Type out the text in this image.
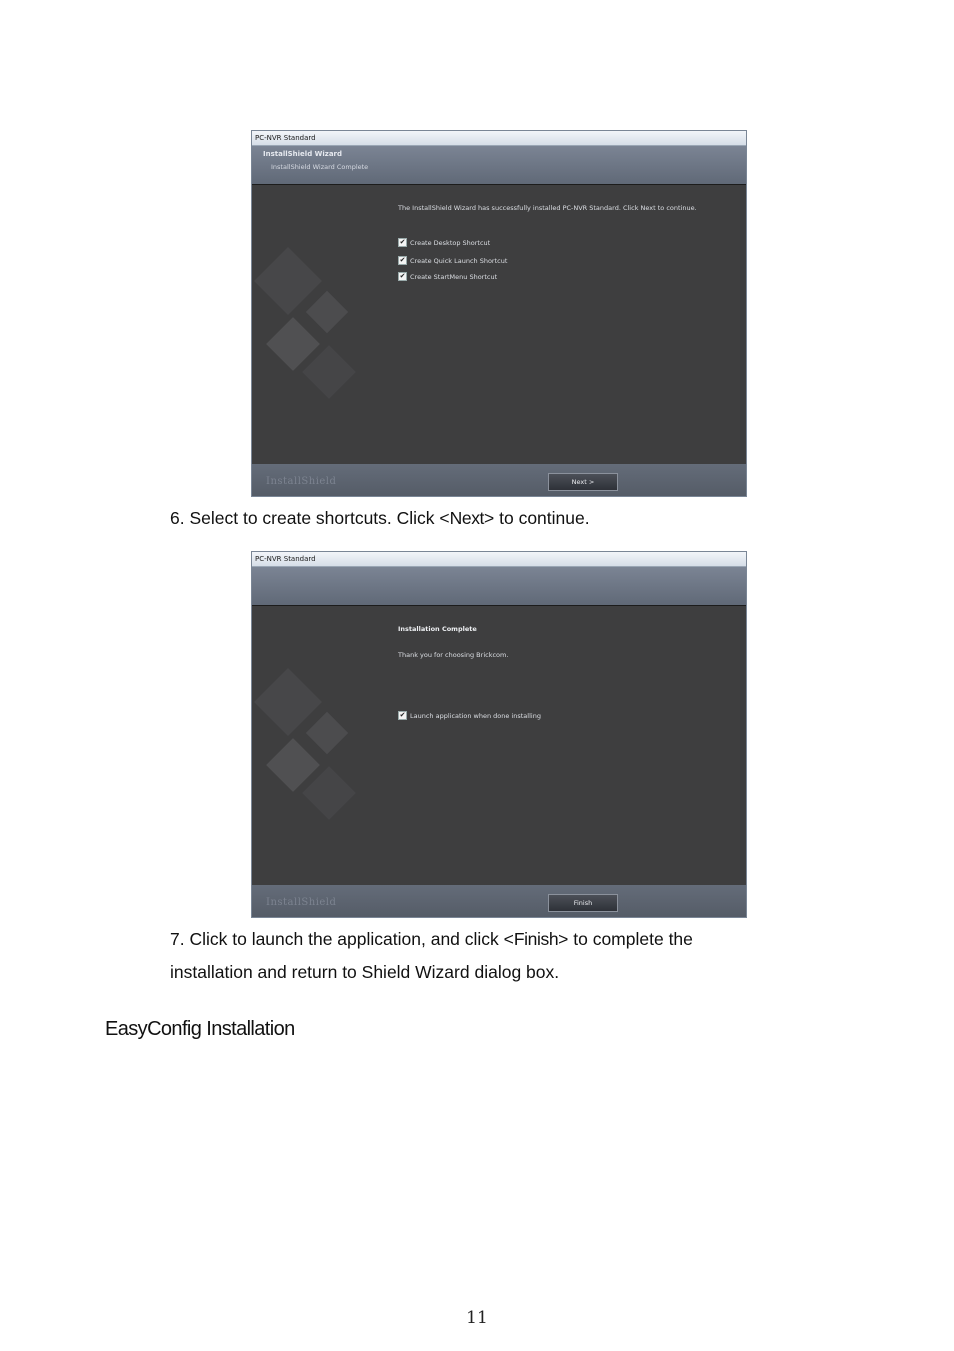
PC-NVR Standard
InstallShield Wizard
InstallShield Wizard Complete
The InstallShield Wizard has successfully installed PC-NVR Standard. Click Next to continue.
✔ Create Desktop Shortcut
✔ Create Quick Launch Shortcut
✔ Create StartMenu Shortcut
InstallShield	Next >
6. Select to create shortcuts. Click <Next> to continue.
PC-NVR Standard
Installation Complete
Thank you for choosing Brickcom.
✔ Launch application when done installing
InstallShield	Finish
7. Click to launch the application, and click <Finish> to complete the
installation and return to Shield Wizard dialog box.
EasyConfig Installation
11
